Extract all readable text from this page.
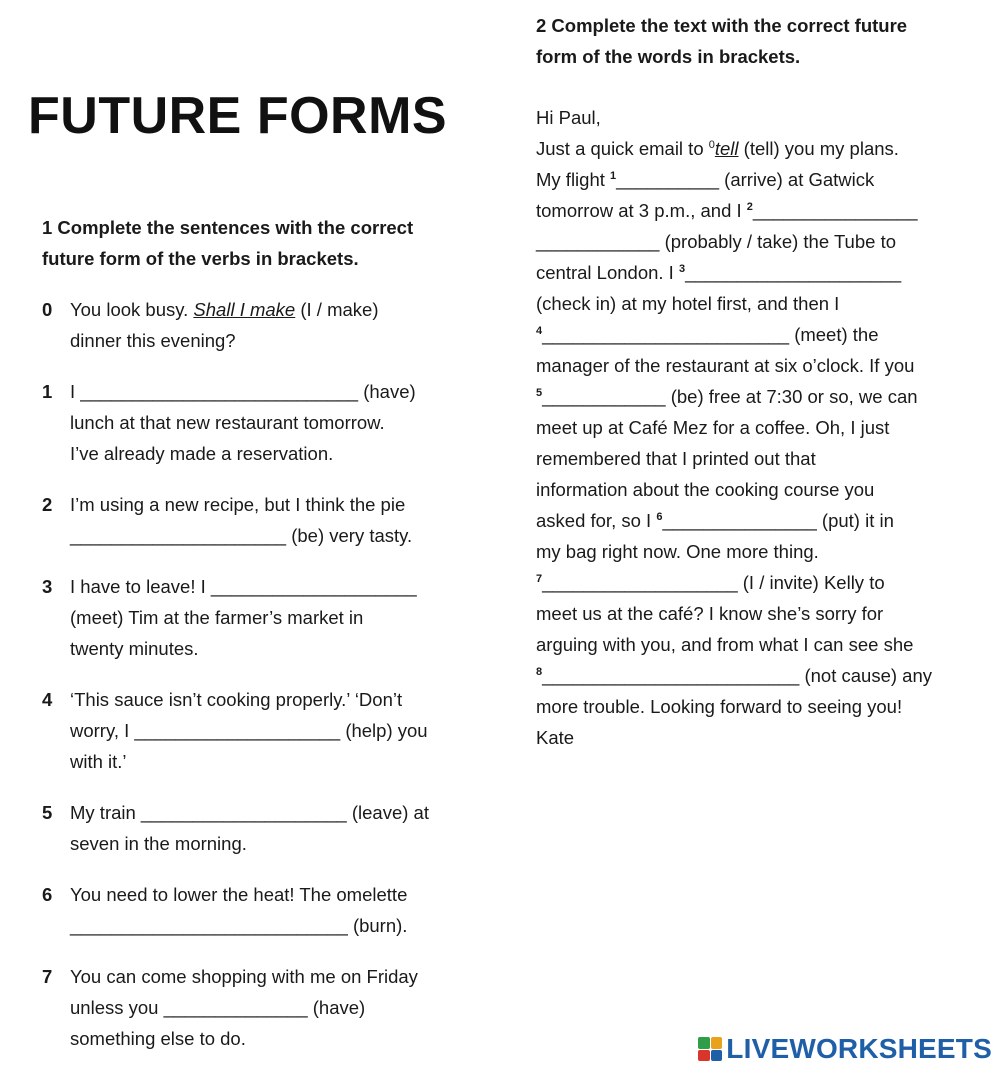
FUTURE FORMS
1 Complete the sentences with the correct
future form of the verbs in brackets.
0 You look busy. Shall I make (I / make)
dinner this evening?
1 I ___________________________ (have)
lunch at that new restaurant tomorrow.
I’ve already made a reservation.
2 I’m using a new recipe, but I think the pie
_____________________ (be) very tasty.
3 I have to leave! I ____________________
(meet) Tim at the farmer’s market in
twenty minutes.
4 ‘This sauce isn’t cooking properly.’ ‘Don’t
worry, I ____________________ (help) you
with it.’
5 My train ____________________ (leave) at
seven in the morning.
6 You need to lower the heat! The omelette
___________________________ (burn).
7 You can come shopping with me on Friday
unless you ______________ (have)
something else to do.
2 Complete the text with the correct future
form of the words in brackets.
Hi Paul,
Just a quick email to $^0$tell (tell) you my plans.
My flight $^1$__________ (arrive) at Gatwick
tomorrow at 3 p.m., and I $^2$________________
____________ (probably / take) the Tube to
central London. I $^3$_____________________
(check in) at my hotel first, and then I
$^4$________________________ (meet) the
manager of the restaurant at six o’clock. If you
$^5$____________ (be) free at 7:30 or so, we can
meet up at Café Mez for a coffee. Oh, I just
remembered that I printed out that
information about the cooking course you
asked for, so I $^6$_______________ (put) it in
my bag right now. One more thing.
$^7$___________________ (I / invite) Kelly to
meet us at the café? I know she’s sorry for
arguing with you, and from what I can see she
$^8$_________________________ (not cause) any
more trouble. Looking forward to seeing you!
Kate
LIVEWORKSHEETS
